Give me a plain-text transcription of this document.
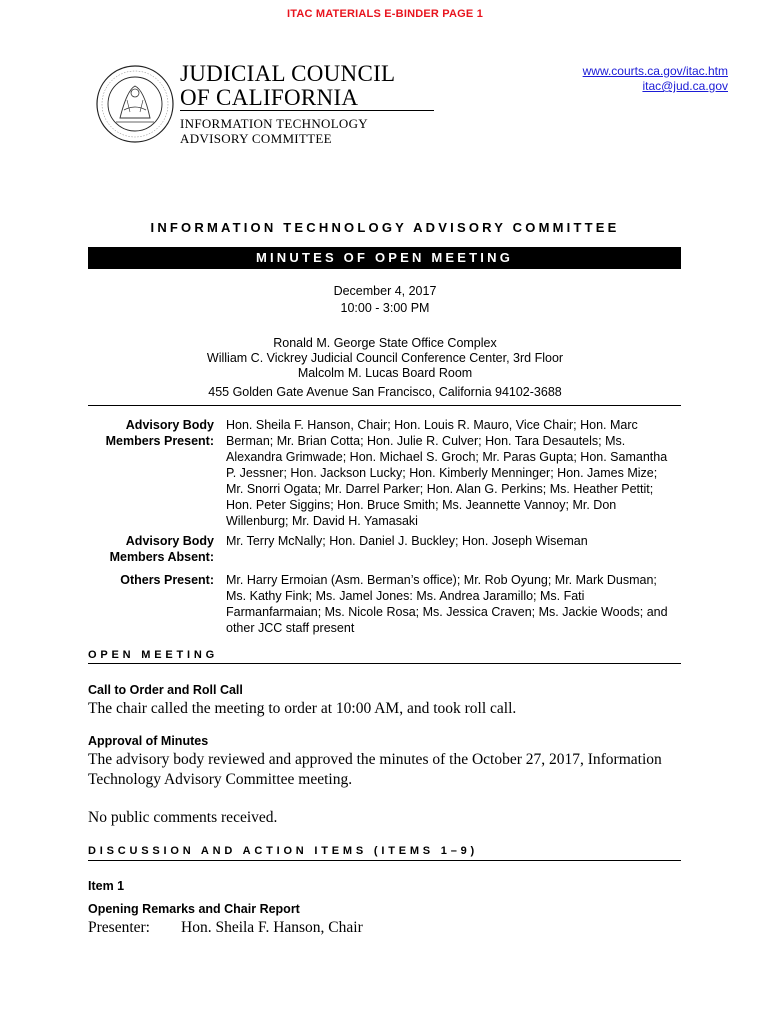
ITAC MATERIALS E-BINDER PAGE 1
JUDICIAL COUNCIL
OF CALIFORNIA
INFORMATION TECHNOLOGY
ADVISORY COMMITTEE
www.courts.ca.gov/itac.htm
itac@jud.ca.gov
INFORMATION TECHNOLOGY ADVISORY COMMITTEE
MINUTES OF OPEN MEETING
December 4, 2017
10:00 - 3:00 PM
Ronald M. George State Office Complex
William C. Vickrey Judicial Council Conference Center, 3rd Floor
Malcolm M. Lucas Board Room
455 Golden Gate Avenue San Francisco, California 94102-3688
Advisory Body
Members Present:
Hon. Sheila F. Hanson, Chair; Hon. Louis R. Mauro, Vice Chair; Hon. Marc
Berman; Mr. Brian Cotta; Hon. Julie R. Culver; Hon. Tara Desautels; Ms.
Alexandra Grimwade; Hon. Michael S. Groch; Mr. Paras Gupta; Hon. Samantha
P. Jessner; Hon. Jackson Lucky; Hon. Kimberly Menninger; Hon. James Mize;
Mr. Snorri Ogata; Mr. Darrel Parker; Hon. Alan G. Perkins; Ms. Heather Pettit;
Hon. Peter Siggins; Hon. Bruce Smith; Ms. Jeannette Vannoy; Mr. Don
Willenburg; Mr. David H. Yamasaki
Advisory Body
Members Absent:
Mr. Terry McNally; Hon. Daniel J. Buckley; Hon. Joseph Wiseman
Others Present: Mr. Harry Ermoian (Asm. Berman’s office); Mr. Rob Oyung; Mr. Mark Dusman;
Ms. Kathy Fink; Ms. Jamel Jones: Ms. Andrea Jaramillo; Ms. Fati
Farmanfarmaian; Ms. Nicole Rosa; Ms. Jessica Craven; Ms. Jackie Woods; and
other JCC staff present
OPEN MEETING
Call to Order and Roll Call
The chair called the meeting to order at 10:00 AM, and took roll call.
Approval of Minutes
The advisory body reviewed and approved the minutes of the October 27, 2017, Information
Technology Advisory Committee meeting.
No public comments received.
DISCUSSION AND ACTION ITEMS (ITEMS 1–9)
Item 1
Opening Remarks and Chair Report
Presenter:	Hon. Sheila F. Hanson, Chair
